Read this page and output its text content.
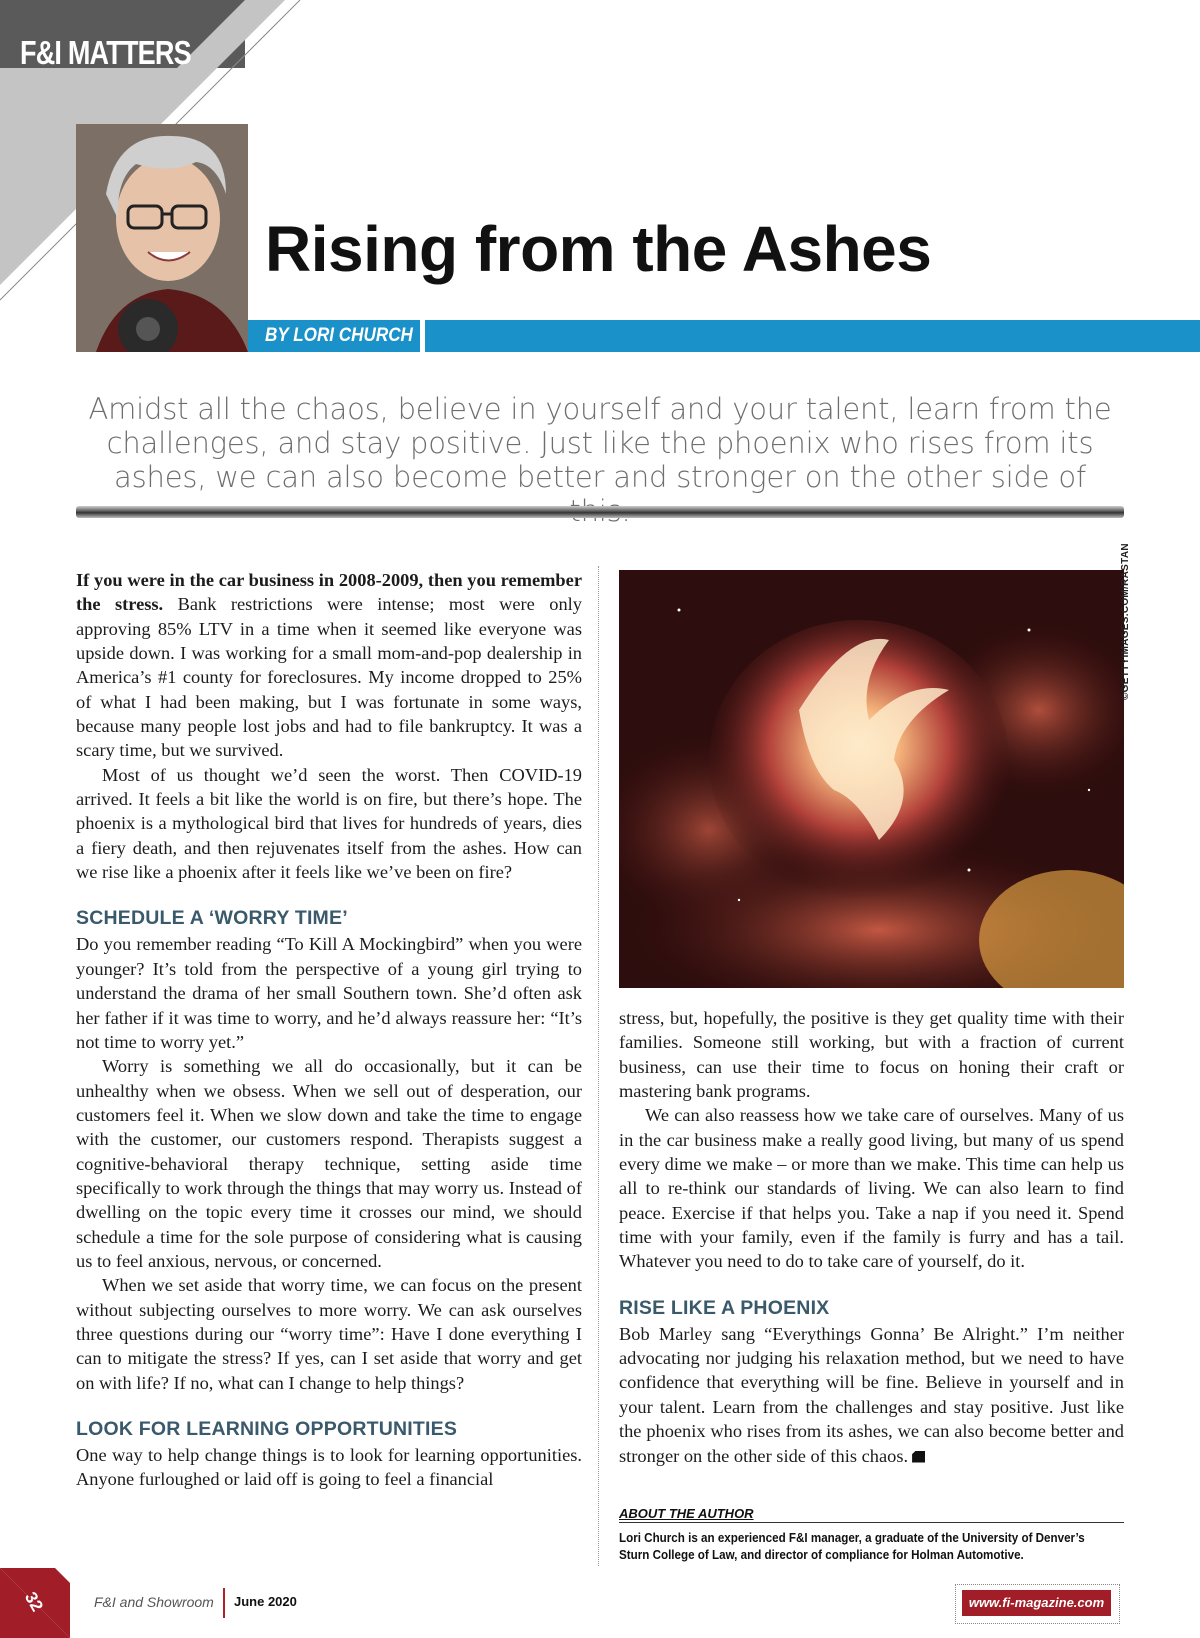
F&I MATTERS
Rising from the Ashes
BY LORI CHURCH
Amidst all the chaos, believe in yourself and your talent, learn from the challenges, and stay positive. Just like the phoenix who rises from its ashes, we can also become better and stronger on the other side of

If you were in the car business in 2008-2009, then you remember the stress. Bank restrictions were intense; most were only approving 85% LTV in a time when it seemed like everyone was upside down. I was working for a small mom-and-pop dealership in America’s #1 county for foreclosures. My income dropped to 25% of what I had been making, but I was fortunate in some ways, because many people lost jobs and had to file bankruptcy. It was a scary time, but we survived.

Most of us thought we’d seen the worst. Then COVID-19 arrived. It feels a bit like the world is on fire, but there’s hope. The phoenix is a mythological bird that lives for hundreds of years, dies a fiery death, and then rejuvenates itself from the ashes. How can we rise like a phoenix after it feels like we’ve been on fire?

SCHEDULE A ‘WORRY TIME’

Do you remember reading “To Kill A Mockingbird” when you were younger? It’s told from the perspective of a young girl trying to understand the drama of her small Southern town. She’d often ask her father if it was time to worry, and he’d always reassure her: “It’s not time to worry yet.”

Worry is something we all do occasionally, but it can be unhealthy when we obsess. When we sell out of desperation, our customers feel it. When we slow down and take the time to engage with the customer, our customers respond. Therapists suggest a cognitive-behavioral therapy technique, setting aside time specifically to work through the things that may worry us. Instead of dwelling on the topic every time it crosses our mind, we should schedule a time for the sole purpose of considering what is causing us to feel anxious, nervous, or concerned.

When we set aside that worry time, we can focus on the present without subjecting ourselves to more worry. We can ask ourselves three questions during our “worry time”: Have I done everything I can to mitigate the stress? If yes, can I set aside that worry and get on with life? If no, what can I change to help things?

LOOK FOR LEARNING OPPORTUNITIES

One way to help change things is to look for learning opportunities. Anyone furloughed or laid off is going to feel a financial

©GETTYIMAGES.COM/RASTAN

stress, but, hopefully, the positive is they get quality time with their families. Someone still working, but with a fraction of current business, can use their time to focus on honing their craft or mastering bank programs.

We can also reassess how we take care of ourselves. Many of us in the car business make a really good living, but many of us spend every dime we make – or more than we make. This time can help us all to re-think our standards of living. We can also learn to find peace. Exercise if that helps you. Take a nap if you need it. Spend time with your family, even if the family is furry and has a tail. Whatever you need to do to take care of yourself, do it.

RISE LIKE A PHOENIX

Bob Marley sang “Everythings Gonna’ Be Alright.” I’m neither advocating nor judging his relaxation method, but we need to have confidence that everything will be fine. Believe in yourself and in your talent. Learn from the challenges and stay positive. Just like the phoenix who rises from its ashes, we can also become better and stronger on the other side of this chaos.

ABOUT THE AUTHOR
Lori Church is an experienced F&I manager, a graduate of the University of Denver’s Sturn College of Law, and director of compliance for Holman Automotive.
32	F&I and Showroom June 2020	www.fi-magazine.com
